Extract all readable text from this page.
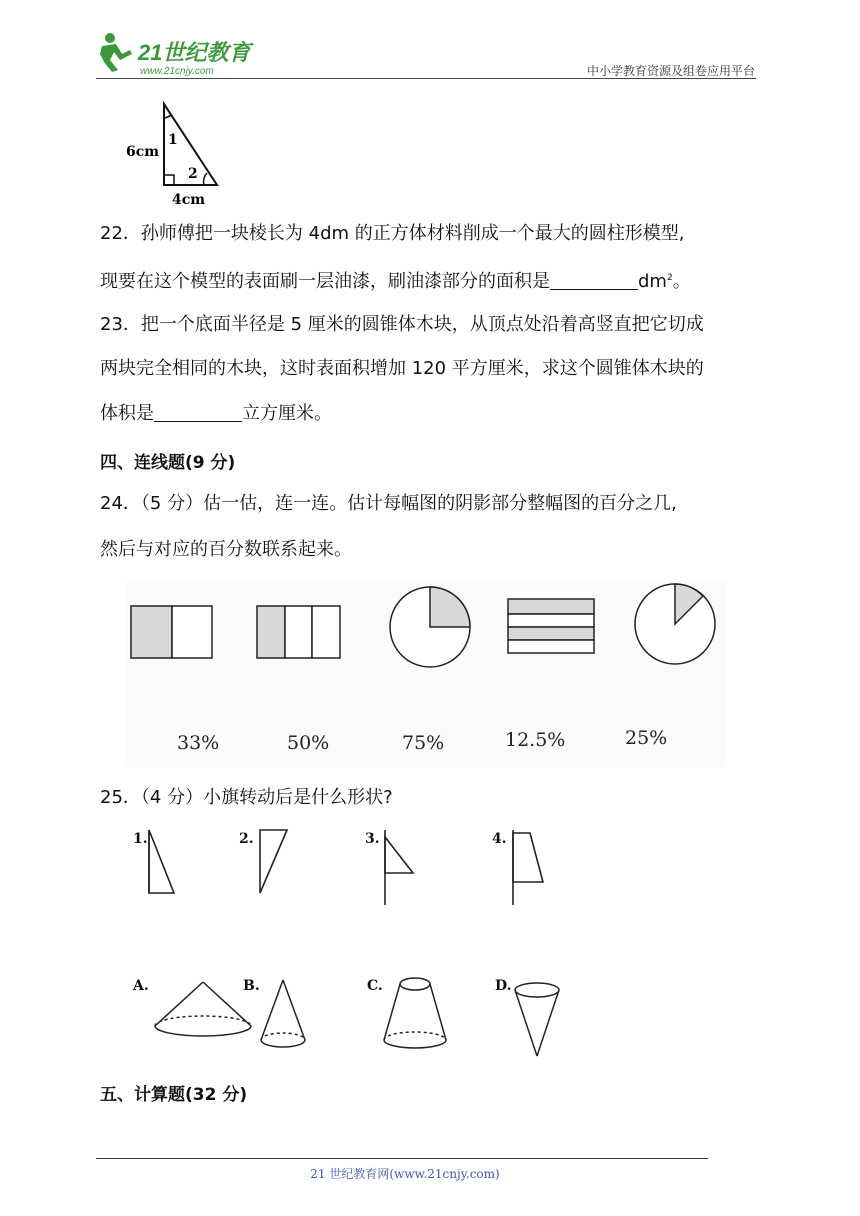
21世纪教育
www.21cnjy.com	中小学教育资源及组卷应用平台
6cm
1
2
4cm
22．孙师傅把一块棱长为 4dm 的正方体材料削成一个最大的圆柱形模型,
现要在这个模型的表面刷一层油漆，刷油漆部分的面积是	$dm^2$。
23．把一个底面半径是 5 厘米的圆锥体木块，从顶点处沿着高竖直把它切成
两块完全相同的木块，这时表面积增加 120 平方厘米，求这个圆锥体木块的
体积是	立方厘米。
四、连线题(9 分)
24．（5 分）估一估，连一连。估计每幅图的阴影部分整幅图的百分之几,
然后与对应的百分数联系起来。
33%	50%	75%	12.5%	25%
25．（4 分）小旗转动后是什么形状?
1.	2.	3.	4.
A.	B.	C.	D.
五、计算题(32 分)
21 世纪教育网(www.21cnjy.com)
